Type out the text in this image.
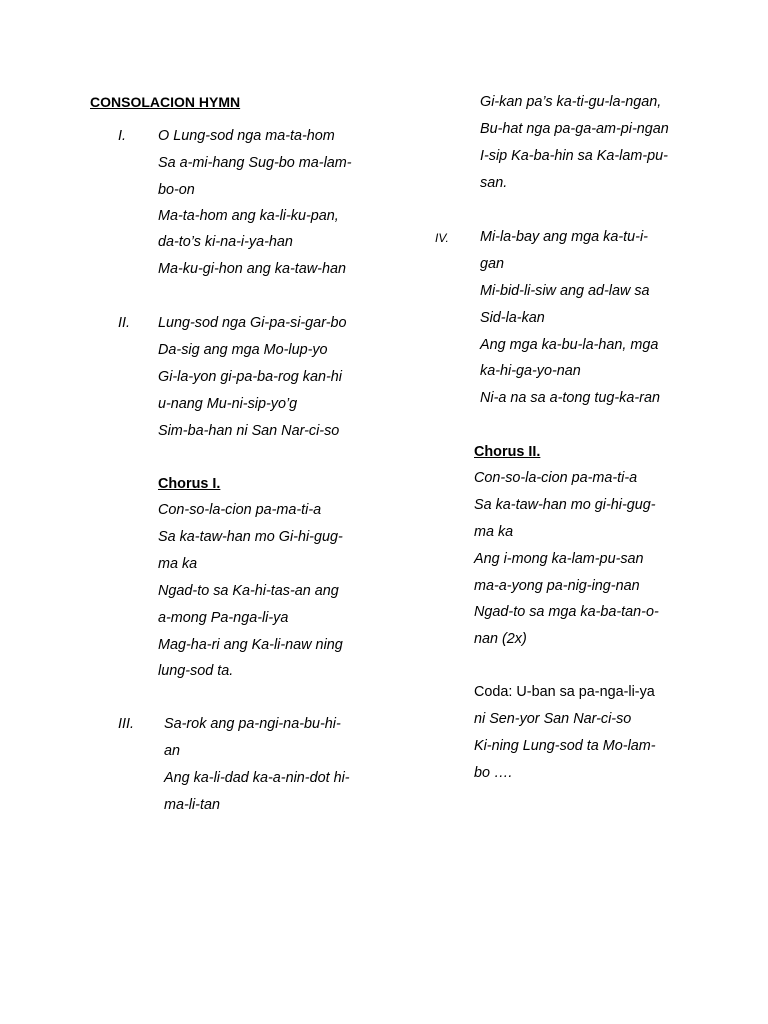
CONSOLACION HYMN
I. O Lung-sod nga ma-ta-hom
Sa a-mi-hang Sug-bo ma-lam-
bo-on
Ma-ta-hom ang ka-li-ku-pan,
da-to’s ki-na-i-ya-han
Ma-ku-gi-hon ang ka-taw-han
II. Lung-sod nga Gi-pa-si-gar-bo
Da-sig ang mga Mo-lup-yo
Gi-la-yon gi-pa-ba-rog kan-hi
u-nang Mu-ni-sip-yo’g
Sim-ba-han ni San Nar-ci-so
Chorus I.
Con-so-la-cion pa-ma-ti-a
Sa ka-taw-han mo Gi-hi-gug-
ma ka
Ngad-to sa Ka-hi-tas-an ang
a-mong Pa-nga-li-ya
Mag-ha-ri ang Ka-li-naw ning
lung-sod ta.
III. Sa-rok ang pa-ngi-na-bu-hi-
an
Ang ka-li-dad ka-a-nin-dot hi-
ma-li-tan
Gi-kan pa’s ka-ti-gu-la-ngan,
Bu-hat nga pa-ga-am-pi-ngan
I-sip Ka-ba-hin sa Ka-lam-pu-
san.
IV. Mi-la-bay ang mga ka-tu-i-
gan
Mi-bid-li-siw ang ad-law sa
Sid-la-kan
Ang mga ka-bu-la-han, mga
ka-hi-ga-yo-nan
Ni-a na sa a-tong tug-ka-ran
Chorus II.
Con-so-la-cion pa-ma-ti-a
Sa ka-taw-han mo gi-hi-gug-
ma ka
Ang i-mong ka-lam-pu-san
ma-a-yong pa-nig-ing-nan
Ngad-to sa mga ka-ba-tan-o-
nan (2x)
Coda: U-ban sa pa-nga-li-ya
ni Sen-yor San Nar-ci-so
Ki-ning Lung-sod ta Mo-lam-
bo ….
